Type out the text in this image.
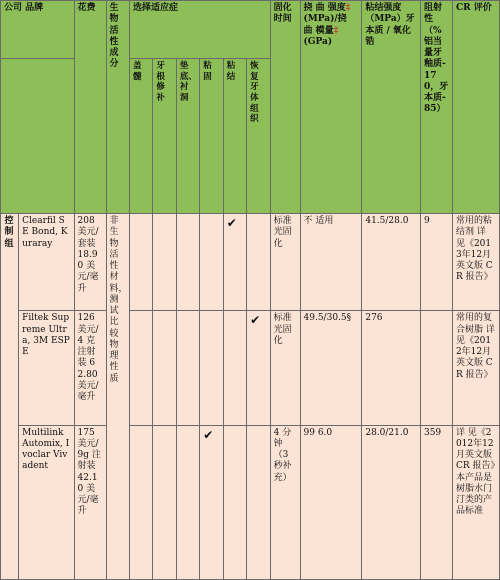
公司 品牌		花费	生物活性成分	选择适应症						固化时间	挠 曲 强度‡(MPa)/挠 曲 模量‡
(GPa)	粘结强度（MPa）牙本质 / 氧化锆	阻射性（%铝当量牙釉质-170，牙本质-85）	CR 评价
				盖髓	牙根修补	垫底、衬洞	粘固	粘结	恢复牙体组织					
控制组	Clearfil SE Bond, Kuraray	208 美元/套装 18.90 美元/毫升	非生物活性材料，测试比较物理性质					✔		标准光固化	不 适用	41.5/28.0	9	常用的粘结剂 详 见《2013年12月英文版 CR 报告》
	Filtek Supreme Ultra, 3M ESPE	126 美元/4 克注射装 62.80 美元/毫升							✔	标准光固化	49.5/30.5§	276		常用的复合树脂 详 见《2012年12月英文版 CR 报告》
	Multilink Automix, Ivoclar Vivadent	175 美元/9g 注射装 42.10 美元/毫升					✔			4 分钟（3 秒补充）	99 6.0	28.0/21.0	359	详 见《2012年12月英文版 CR 报告》本产品是树脂水门汀类的产品标准
